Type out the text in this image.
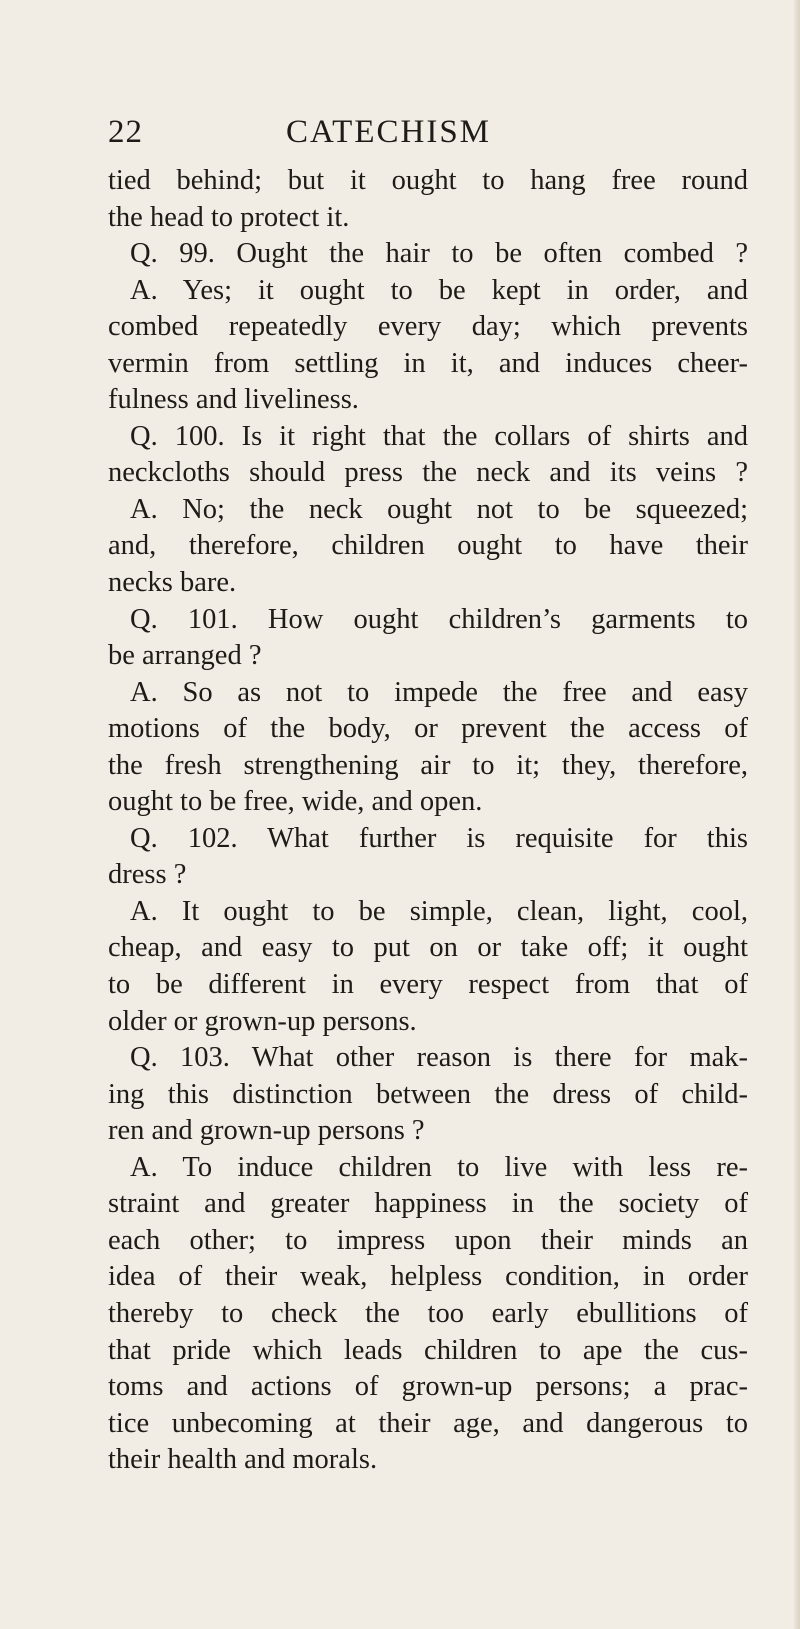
22	CATECHISM
tied behind; but it ought to hang free round
the head to protect it.
Q. 99. Ought the hair to be often combed ?
A. Yes; it ought to be kept in order, and
combed repeatedly every day; which prevents
vermin from settling in it, and induces cheer-
fulness and liveliness.
Q. 100. Is it right that the collars of shirts and
neckcloths should press the neck and its veins ?
A. No; the neck ought not to be squeezed;
and, therefore, children ought to have their
necks bare.
Q. 101. How ought children’s garments to
be arranged ?
A. So as not to impede the free and easy
motions of the body, or prevent the access of
the fresh strengthening air to it; they, therefore,
ought to be free, wide, and open.
Q. 102. What further is requisite for this
dress ?
A. It ought to be simple, clean, light, cool,
cheap, and easy to put on or take off; it ought
to be different in every respect from that of
older or grown-up persons.
Q. 103. What other reason is there for mak-
ing this distinction between the dress of child-
ren and grown-up persons ?
A. To induce children to live with less re-
straint and greater happiness in the society of
each other; to impress upon their minds an
idea of their weak, helpless condition, in order
thereby to check the too early ebullitions of
that pride which leads children to ape the cus-
toms and actions of grown-up persons; a prac-
tice unbecoming at their age, and dangerous to
their health and morals.
